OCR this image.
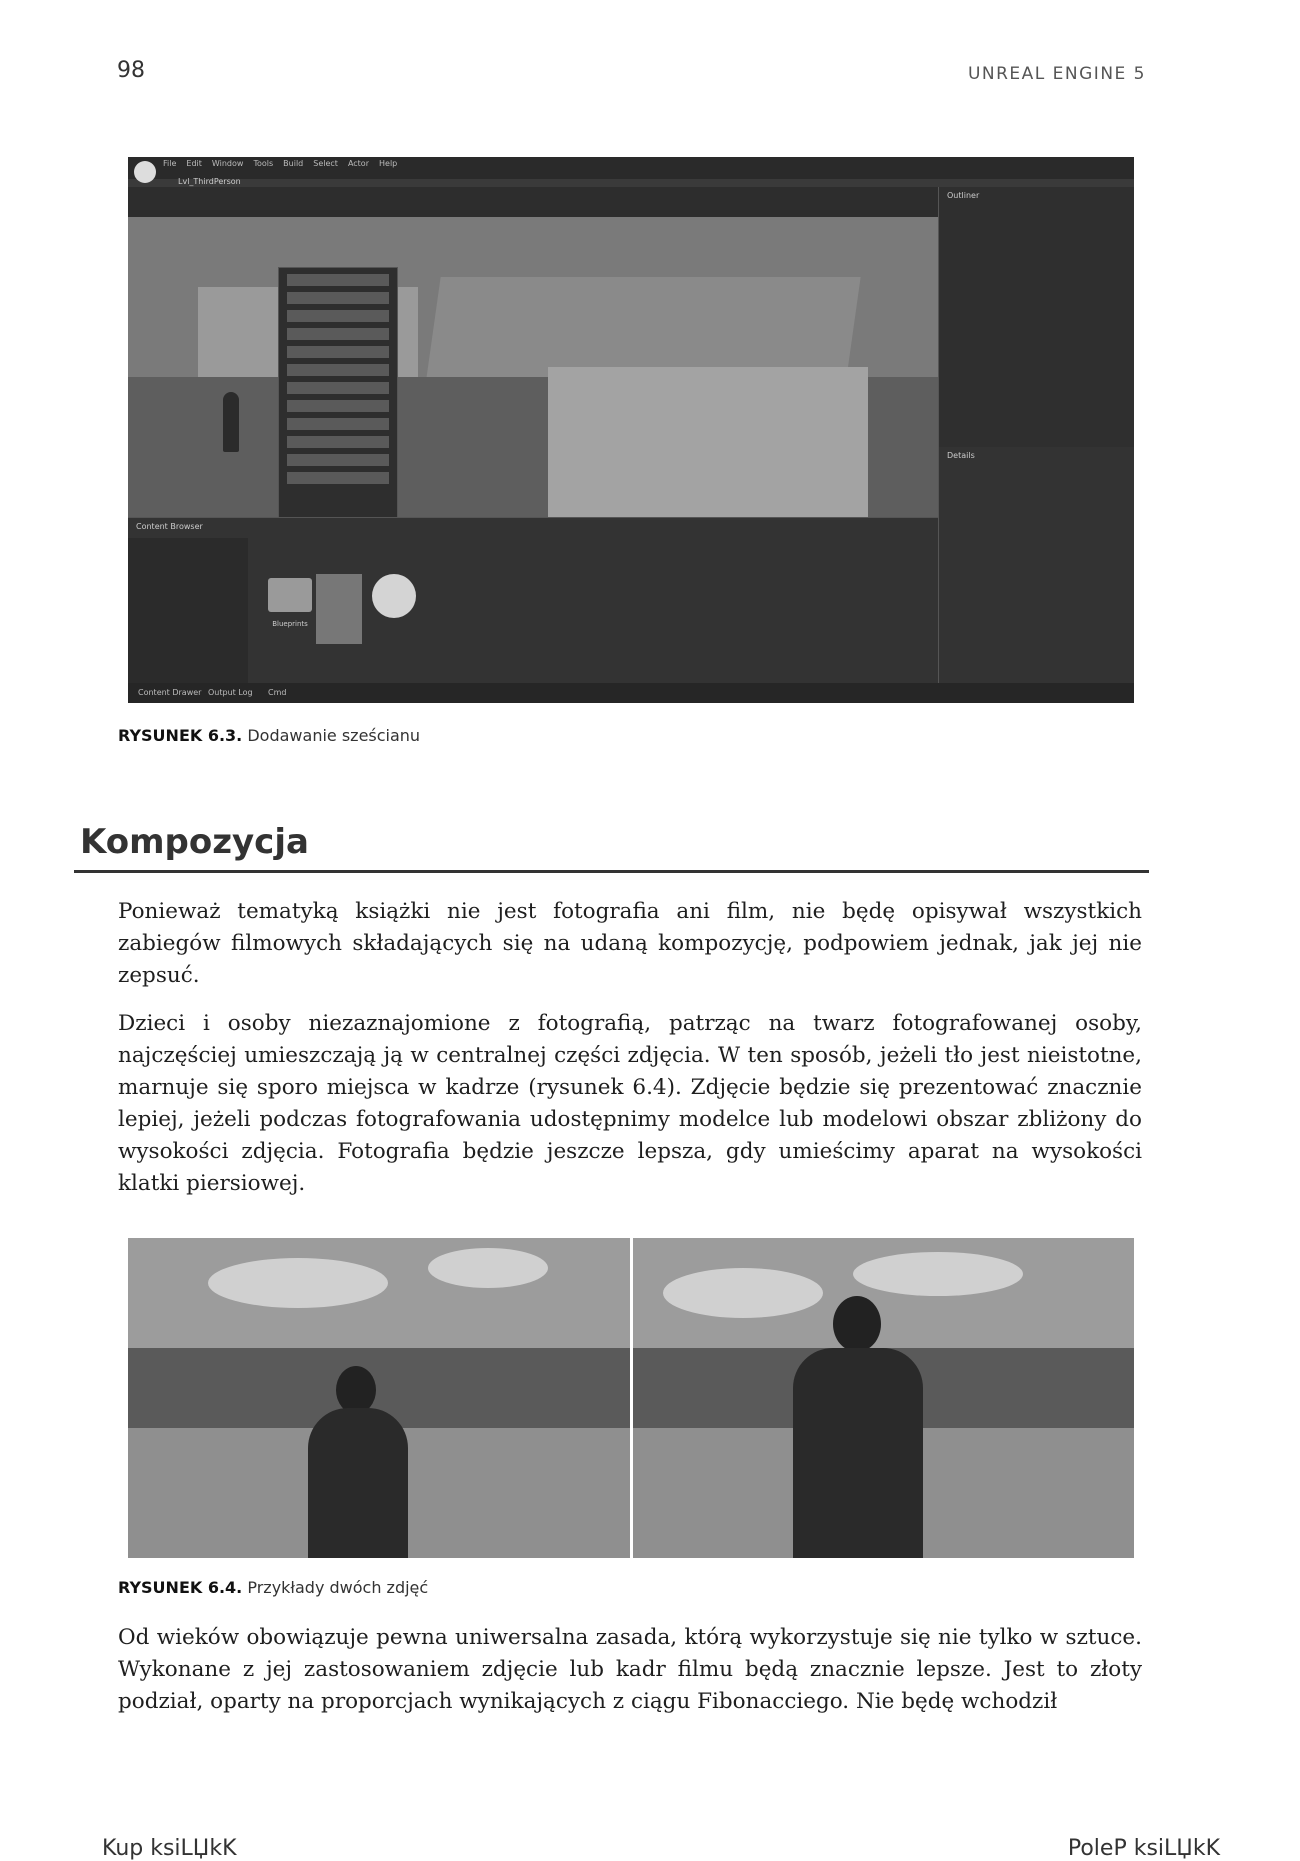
98	UNREAL ENGINE 5
File Edit Window Tools Build Select Actor Help
Lvl_ThirdPerson
Outliner
Details
Content Browser
Blueprints
Content Drawer Output Log Cmd
RYSUNEK 6.3. Dodawanie sześcianu
Kompozycja
Ponieważ tematyką książki nie jest fotografia ani film, nie będę opisywał wszystkich zabiegów filmowych składających się na udaną kompozycję, podpowiem jednak, jak jej nie zepsuć.
Dzieci i osoby niezaznajomione z fotografią, patrząc na twarz fotografowanej osoby, najczęściej umieszczają ją w centralnej części zdjęcia. W ten sposób, jeżeli tło jest nieistotne, marnuje się sporo miejsca w kadrze (rysunek 6.4). Zdjęcie będzie się prezentować znacznie lepiej, jeżeli podczas fotografowania udostępnimy modelce lub modelowi obszar zbliżony do wysokości zdjęcia. Fotografia będzie jeszcze lepsza, gdy umieścimy aparat na wysokości klatki piersiowej.
RYSUNEK 6.4. Przykłady dwóch zdjęć
Od wieków obowiązuje pewna uniwersalna zasada, którą wykorzystuje się nie tylko w sztuce. Wykonane z jej zastosowaniem zdjęcie lub kadr filmu będą znacznie lepsze. Jest to złoty podział, oparty na proporcjach wynikających z ciągu Fibonacciego. Nie będę wchodził
Kup ksiLЏkK	PoleP ksiLЏkK
